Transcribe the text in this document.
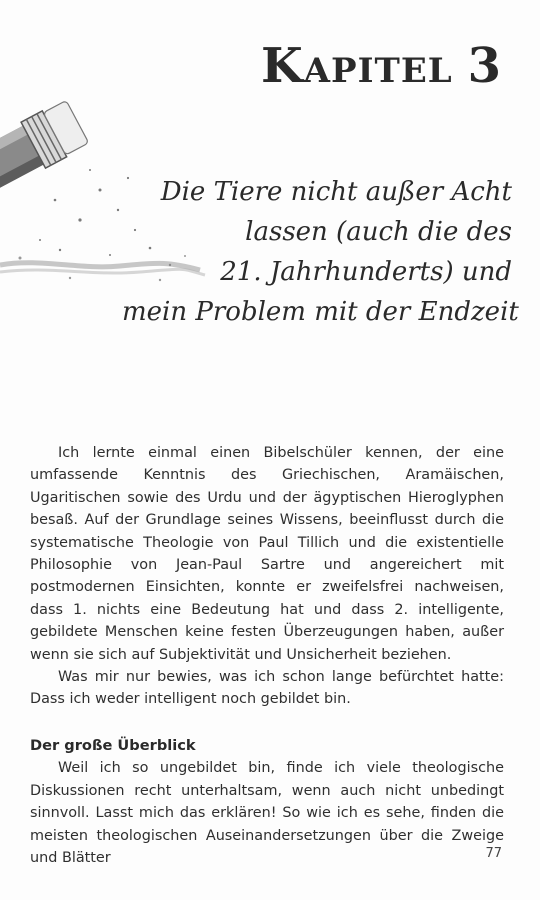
KAPITEL 3
Die Tiere nicht außer Acht
lassen (auch die des
21. Jahrhunderts) und
mein Problem mit der Endzeit

Ich lernte einmal einen Bibelschüler kennen, der eine umfassende Kenntnis des Griechischen, Aramäischen, Ugaritischen sowie des Urdu und der ägyptischen Hieroglyphen besaß. Auf der Grundlage seines Wissens, beeinflusst durch die systematische Theologie von Paul Tillich und die existentielle Philosophie von Jean-Paul Sartre und angereichert mit postmodernen Einsichten, konnte er zweifelsfrei nachweisen, dass 1. nichts eine Bedeutung hat und dass 2. intelligente, gebildete Menschen keine festen Überzeugungen haben, außer wenn sie sich auf Subjektivität und Unsicherheit beziehen.

Was mir nur bewies, was ich schon lange befürchtet hatte: Dass ich weder intelligent noch gebildet bin.

Der große Überblick

Weil ich so ungebildet bin, finde ich viele theologische Diskussionen recht unterhaltsam, wenn auch nicht unbedingt sinnvoll. Lasst mich das erklären! So wie ich es sehe, finden die meisten theologischen Auseinandersetzungen über die Zweige und Blätter	77
